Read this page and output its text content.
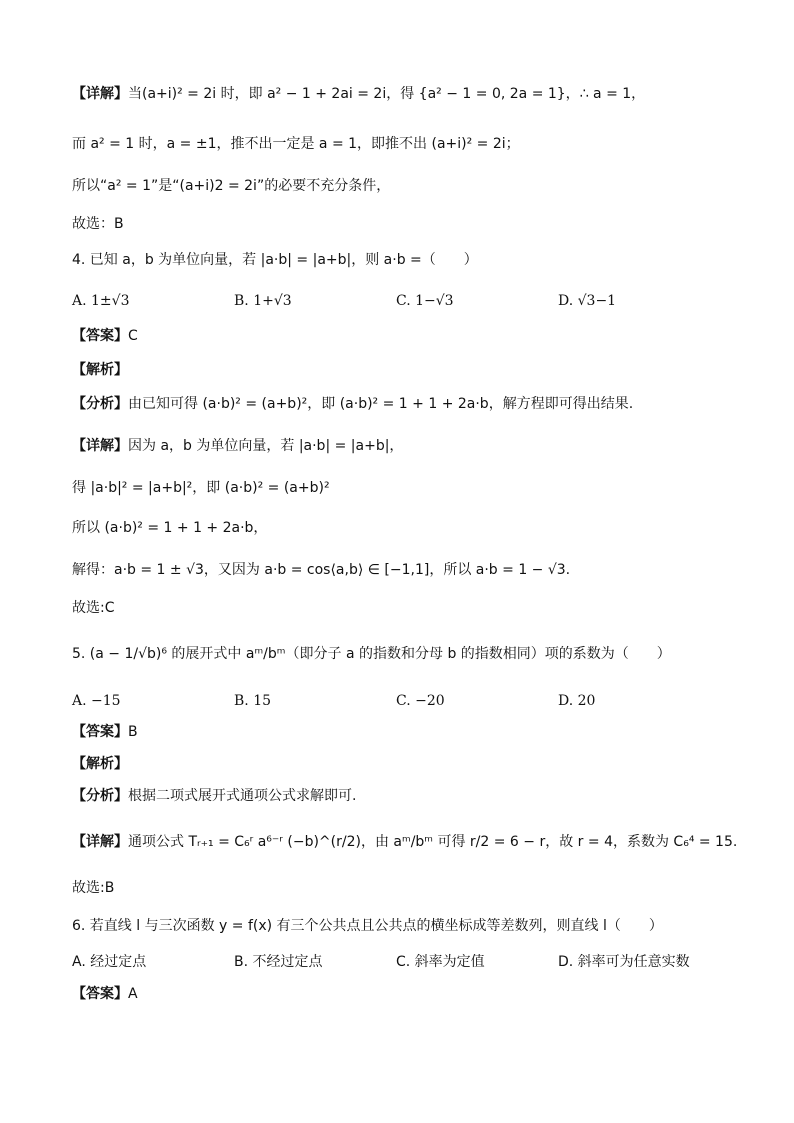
【详解】当(a+i)² = 2i 时，即 a² − 1 + 2ai = 2i，得 {a² − 1 = 0, 2a = 1}，∴ a = 1，
而 a² = 1 时，a = ±1，推不出一定是 a = 1，即推不出 (a+i)² = 2i；
所以“a² = 1”是“(a+i)2 = 2i”的必要不充分条件，
故选：B
4. 已知 a，b 为单位向量，若 |a·b| = |a+b|，则 a·b =（　　）
A. 1±√3	B. 1+√3	C. 1−√3	D. √3−1
【答案】C
【解析】
【分析】由已知可得 (a·b)² = (a+b)²，即 (a·b)² = 1 + 1 + 2a·b，解方程即可得出结果.
【详解】因为 a，b 为单位向量，若 |a·b| = |a+b|，
得 |a·b|² = |a+b|²，即 (a·b)² = (a+b)²
所以 (a·b)² = 1 + 1 + 2a·b，
解得：a·b = 1 ± √3，又因为 a·b = cos⟨a,b⟩ ∈ [−1,1]，所以 a·b = 1 − √3.
故选:C
5. (a − 1/√b)⁶ 的展开式中 aᵐ/bᵐ（即分子 a 的指数和分母 b 的指数相同）项的系数为（　　）
A. −15	B. 15	C. −20	D. 20
【答案】B
【解析】
【分析】根据二项式展开式通项公式求解即可.
【详解】通项公式 Tᵣ₊₁ = C₆ʳ a⁶⁻ʳ (−b)^(r/2)，由 aᵐ/bᵐ 可得 r/2 = 6 − r，故 r = 4，系数为 C₆⁴ = 15.
故选:B
6. 若直线 l 与三次函数 y = f(x) 有三个公共点且公共点的横坐标成等差数列，则直线 l（　　）
A. 经过定点	B. 不经过定点	C. 斜率为定值	D. 斜率可为任意实数
【答案】A
